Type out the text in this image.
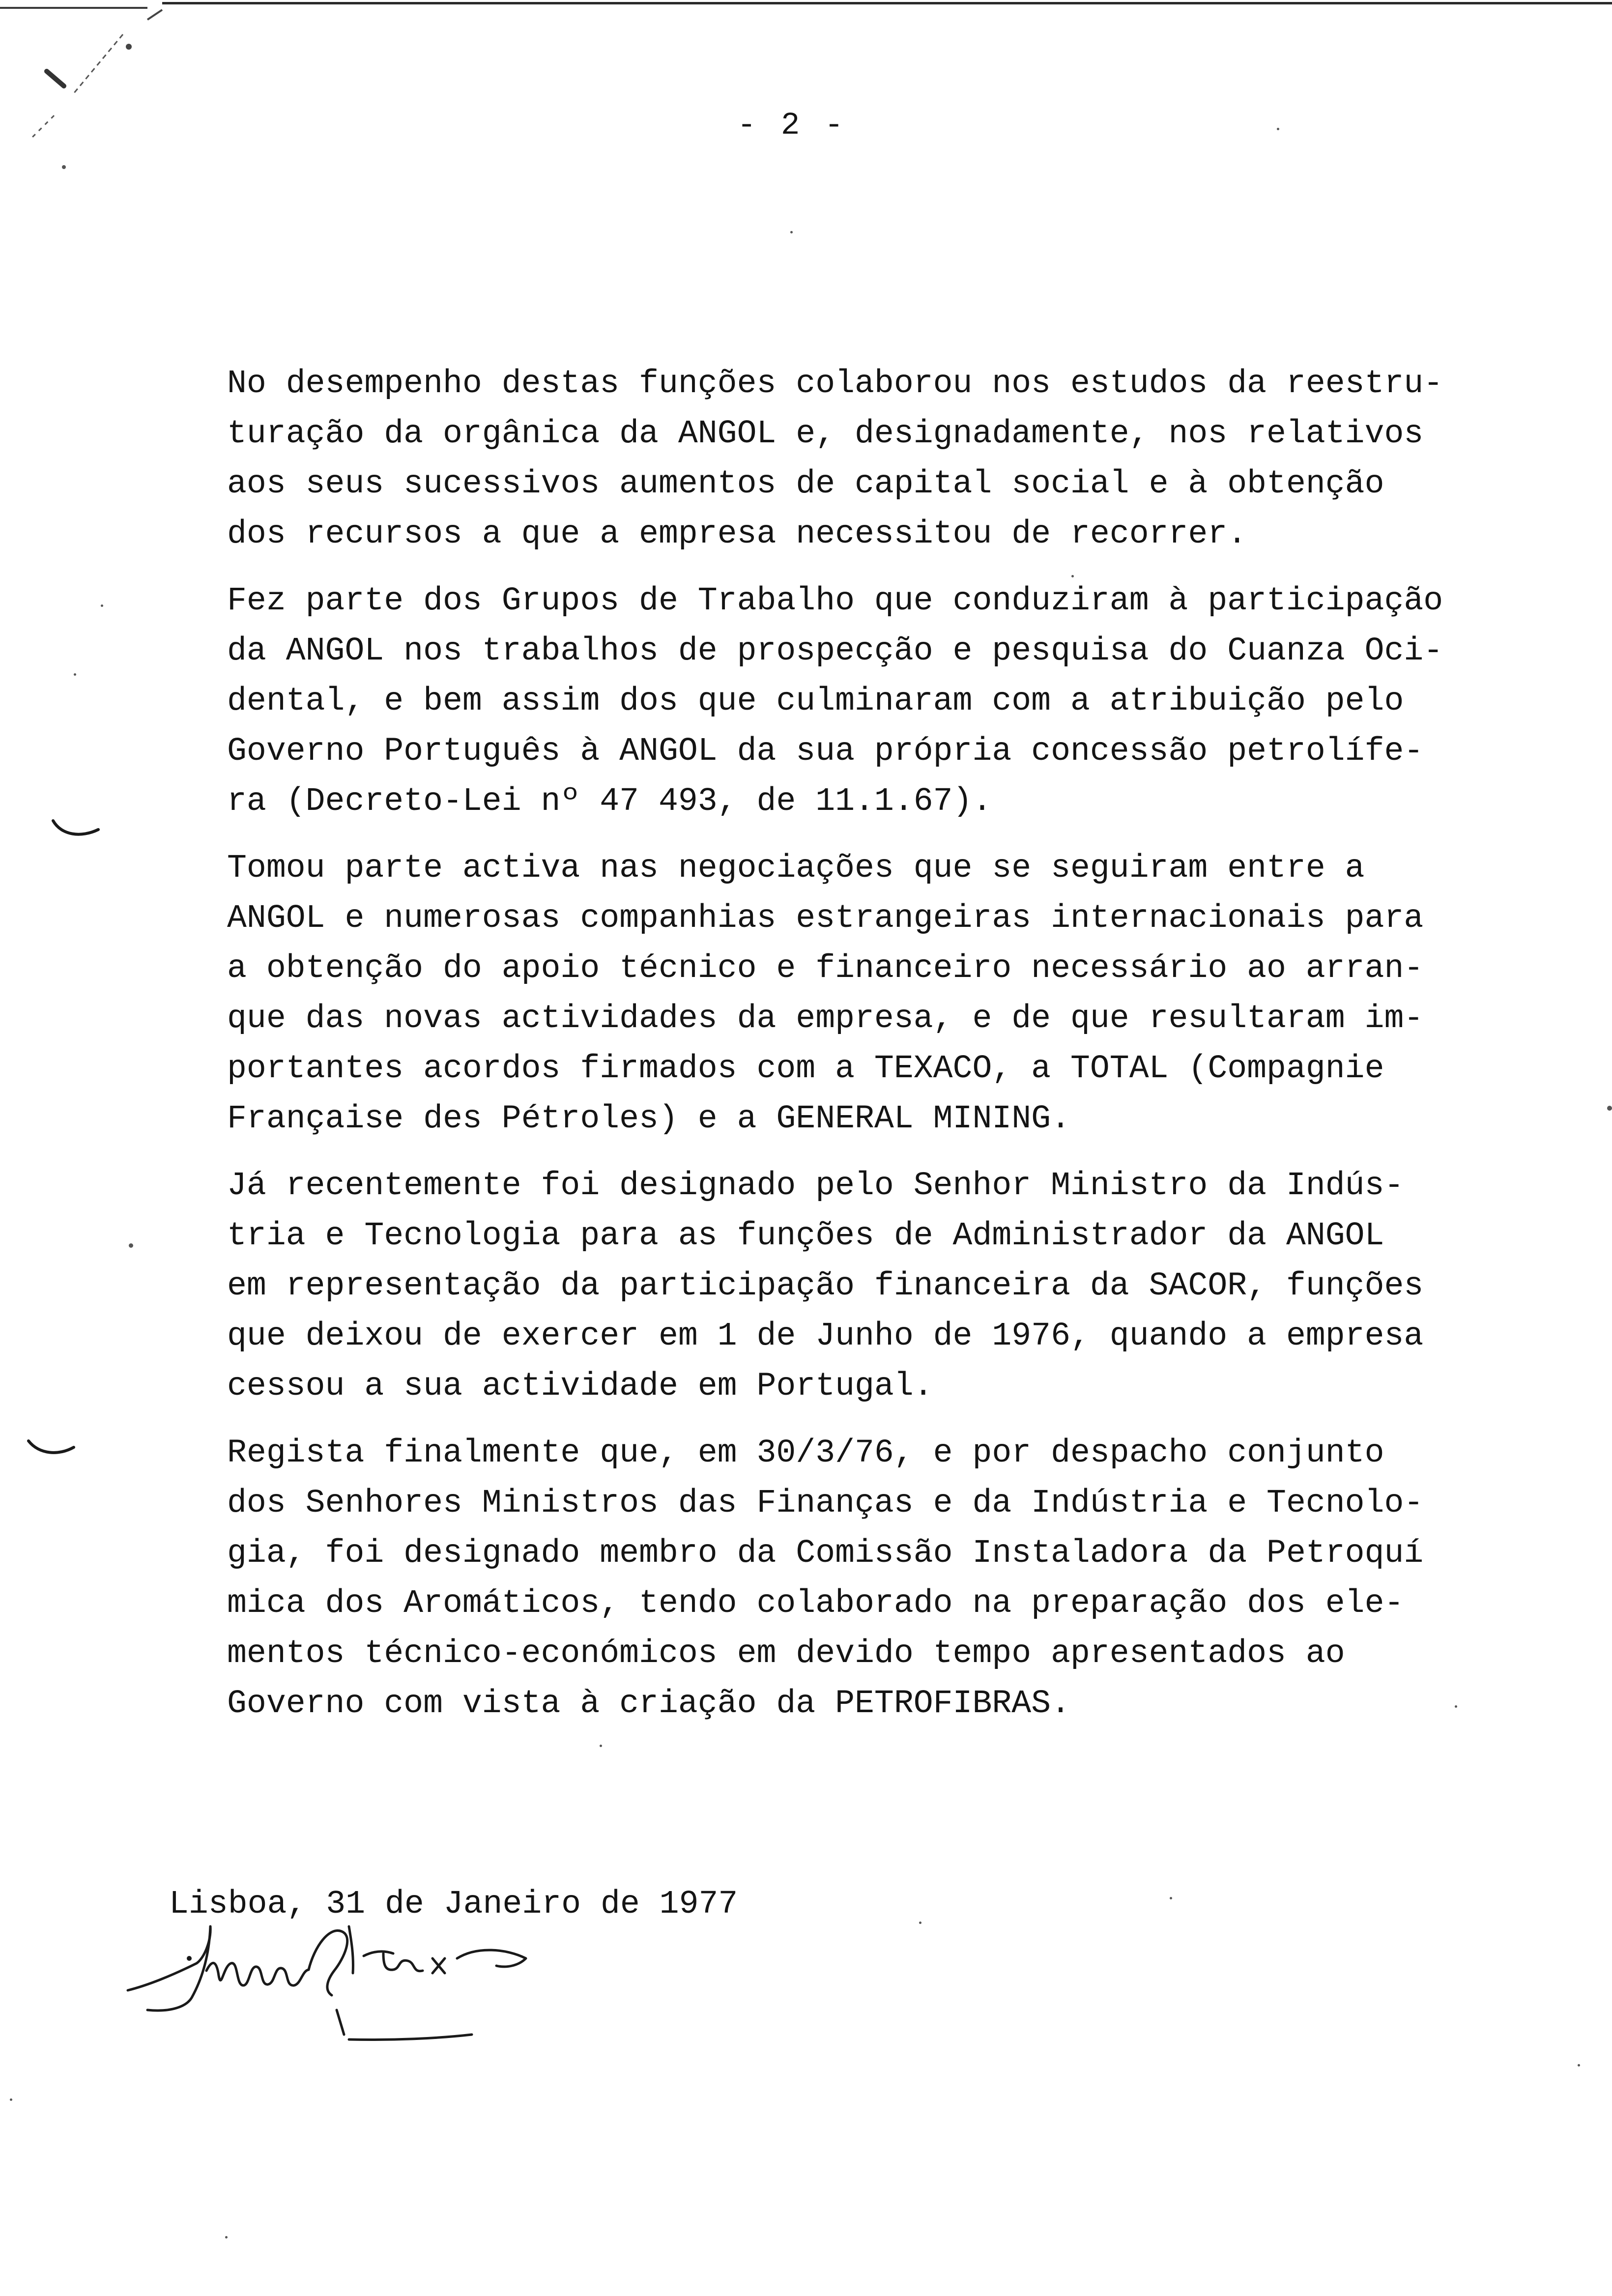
- 2 -
No desempenho destas funções colaborou nos estudos da reestru-
turação da orgânica da ANGOL e, designadamente, nos relativos
aos seus sucessivos aumentos de capital social e à obtenção
dos recursos a que a empresa necessitou de recorrer.
Fez parte dos Grupos de Trabalho que conduziram à participação
da ANGOL nos trabalhos de prospecção e pesquisa do Cuanza Oci-
dental, e bem assim dos que culminaram com a atribuição pelo
Governo Português à ANGOL da sua própria concessão petrolífe-
ra (Decreto-Lei nº 47 493, de 11.1.67).
Tomou parte activa nas negociações que se seguiram entre a
ANGOL e numerosas companhias estrangeiras internacionais para
a obtenção do apoio técnico e financeiro necessário ao arran-
que das novas actividades da empresa, e de que resultaram im-
portantes acordos firmados com a TEXACO, a TOTAL (Compagnie
Française des Pétroles) e a GENERAL MINING.
Já recentemente foi designado pelo Senhor Ministro da Indús-
tria e Tecnologia para as funções de Administrador da ANGOL
em representação da participação financeira da SACOR, funções
que deixou de exercer em 1 de Junho de 1976, quando a empresa
cessou a sua actividade em Portugal.
Regista finalmente que, em 30/3/76, e por despacho conjunto
dos Senhores Ministros das Finanças e da Indústria e Tecnolo-
gia, foi designado membro da Comissão Instaladora da Petroquí
mica dos Aromáticos, tendo colaborado na preparação dos ele-
mentos técnico-económicos em devido tempo apresentados ao
Governo com vista à criação da PETROFIBRAS.
Lisboa, 31 de Janeiro de 1977
